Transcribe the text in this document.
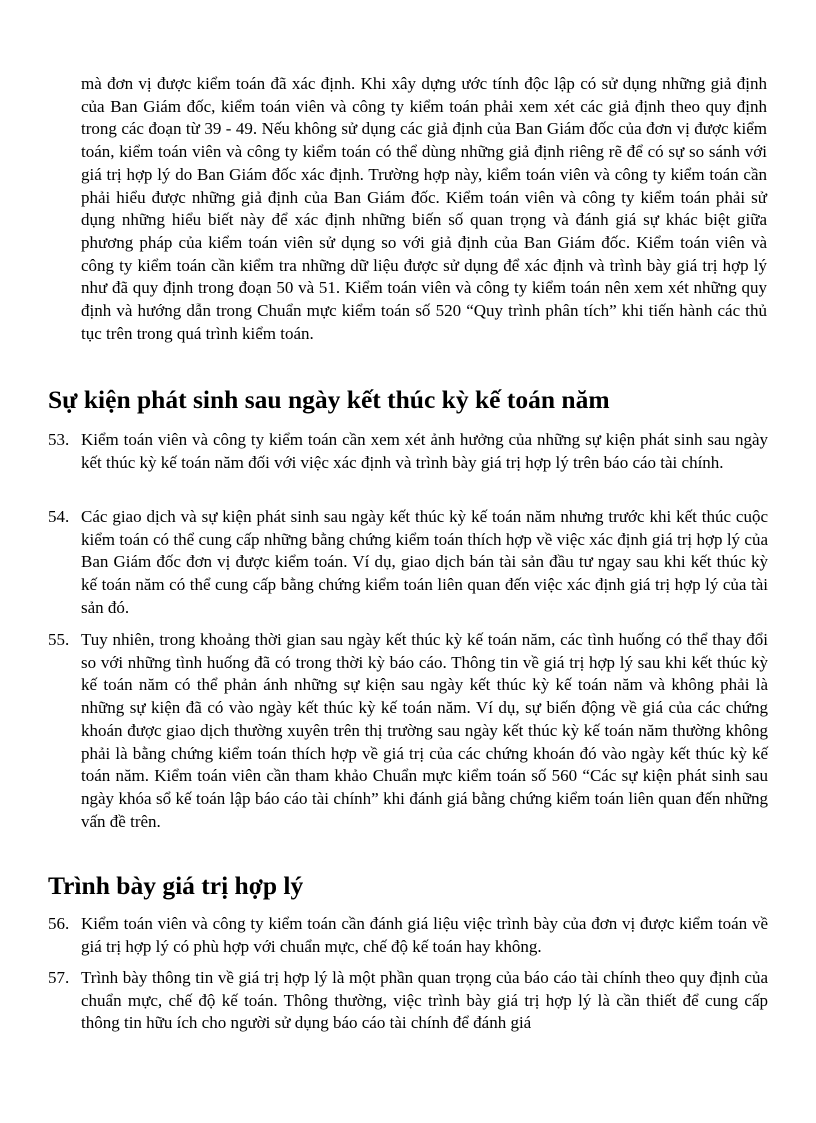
mà đơn vị được kiểm toán đã xác định. Khi xây dựng ước tính độc lập có sử dụng những giả định của Ban Giám đốc, kiểm toán viên và công ty kiểm toán phải xem xét các giả định theo quy định trong các đoạn từ 39 - 49. Nếu không sử dụng các giả định của Ban Giám đốc của đơn vị được kiểm toán, kiểm toán viên và công ty kiểm toán có thể dùng những giả định riêng rẽ để có sự so sánh với giá trị hợp lý do Ban Giám đốc xác định. Trường hợp này, kiểm toán viên và công ty kiểm toán cần phải hiểu được những giả định của Ban Giám đốc. Kiểm toán viên và công ty kiểm toán phải sử dụng những hiểu biết này để xác định những biến số quan trọng và đánh giá sự khác biệt giữa phương pháp của kiểm toán viên sử dụng so với giả định của Ban Giám đốc. Kiểm toán viên và công ty kiểm toán cần kiểm tra những dữ liệu được sử dụng để xác định và trình bày giá trị hợp lý như đã quy định trong đoạn 50 và 51. Kiểm toán viên và công ty kiểm toán nên xem xét những quy định và hướng dẫn trong Chuẩn mực kiểm toán số 520 “Quy trình phân tích” khi tiến hành các thủ tục trên trong quá trình kiểm toán.

Sự kiện phát sinh sau ngày kết thúc kỳ kế toán năm
53. Kiểm toán viên và công ty kiểm toán cần xem xét ảnh hưởng của những sự kiện phát sinh sau ngày kết thúc kỳ kế toán năm đối với việc xác định và trình bày giá trị hợp lý trên báo cáo tài chính.
54. Các giao dịch và sự kiện phát sinh sau ngày kết thúc kỳ kế toán năm nhưng trước khi kết thúc cuộc kiểm toán có thể cung cấp những bằng chứng kiểm toán thích hợp về việc xác định giá trị hợp lý của Ban Giám đốc đơn vị được kiểm toán. Ví dụ, giao dịch bán tài sản đầu tư ngay sau khi kết thúc kỳ kế toán năm có thể cung cấp bằng chứng kiểm toán liên quan đến việc xác định giá trị hợp lý của tài sản đó.
55. Tuy nhiên, trong khoảng thời gian sau ngày kết thúc kỳ kế toán năm, các tình huống có thể thay đổi so với những tình huống đã có trong thời kỳ báo cáo. Thông tin về giá trị hợp lý sau khi kết thúc kỳ kế toán năm có thể phản ánh những sự kiện sau ngày kết thúc kỳ kế toán năm và không phải là những sự kiện đã có vào ngày kết thúc kỳ kế toán năm. Ví dụ, sự biến động về giá của các chứng khoán được giao dịch thường xuyên trên thị trường sau ngày kết thúc kỳ kế toán năm thường không phải là bằng chứng kiểm toán thích hợp về giá trị của các chứng khoán đó vào ngày kết thúc kỳ kế toán năm. Kiểm toán viên cần tham khảo Chuẩn mực kiểm toán số 560 “Các sự kiện phát sinh sau ngày khóa sổ kế toán lập báo cáo tài chính” khi đánh giá bằng chứng kiểm toán liên quan đến những vấn đề trên.
Trình bày giá trị hợp lý
56. Kiểm toán viên và công ty kiểm toán cần đánh giá liệu việc trình bày của đơn vị được kiểm toán về giá trị hợp lý có phù hợp với chuẩn mực, chế độ kế toán hay không.
57. Trình bày thông tin về giá trị hợp lý là một phần quan trọng của báo cáo tài chính theo quy định của chuẩn mực, chế độ kế toán. Thông thường, việc trình bày giá trị hợp lý là cần thiết để cung cấp thông tin hữu ích cho người sử dụng báo cáo tài chính để đánh giá
